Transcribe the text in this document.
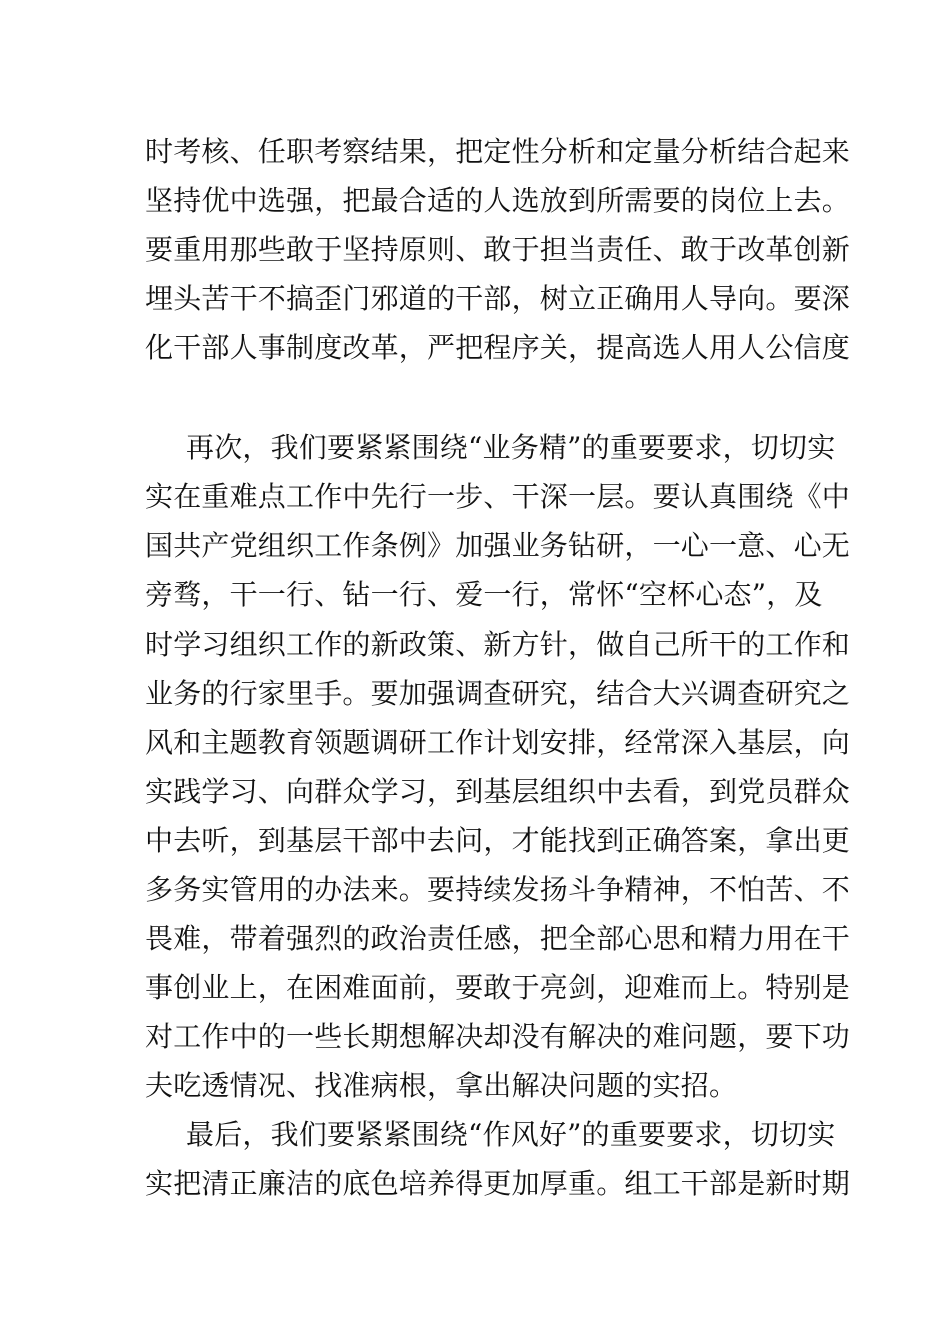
时考核、任职考察结果，把定性分析和定量分析结合起来
坚持优中选强，把最合适的人选放到所需要的岗位上去。
要重用那些敢于坚持原则、敢于担当责任、敢于改革创新
埋头苦干不搞歪门邪道的干部，树立正确用人导向。要深
化干部人事制度改革，严把程序关，提高选人用人公信度
再次，我们要紧紧围绕“业务精”的重要要求，切切实
实在重难点工作中先行一步、干深一层。要认真围绕《中
国共产党组织工作条例》加强业务钻研，一心一意、心无
旁骛，干一行、钻一行、爱一行，常怀“空杯心态”，及
时学习组织工作的新政策、新方针，做自己所干的工作和
业务的行家里手。要加强调查研究，结合大兴调查研究之
风和主题教育领题调研工作计划安排，经常深入基层，向
实践学习、向群众学习，到基层组织中去看，到党员群众
中去听，到基层干部中去问，才能找到正确答案，拿出更
多务实管用的办法来。要持续发扬斗争精神，不怕苦、不
畏难，带着强烈的政治责任感，把全部心思和精力用在干
事创业上，在困难面前，要敢于亮剑，迎难而上。特别是
对工作中的一些长期想解决却没有解决的难问题，要下功
夫吃透情况、找准病根，拿出解决问题的实招。
最后，我们要紧紧围绕“作风好”的重要要求，切切实
实把清正廉洁的底色培养得更加厚重。组工干部是新时期
